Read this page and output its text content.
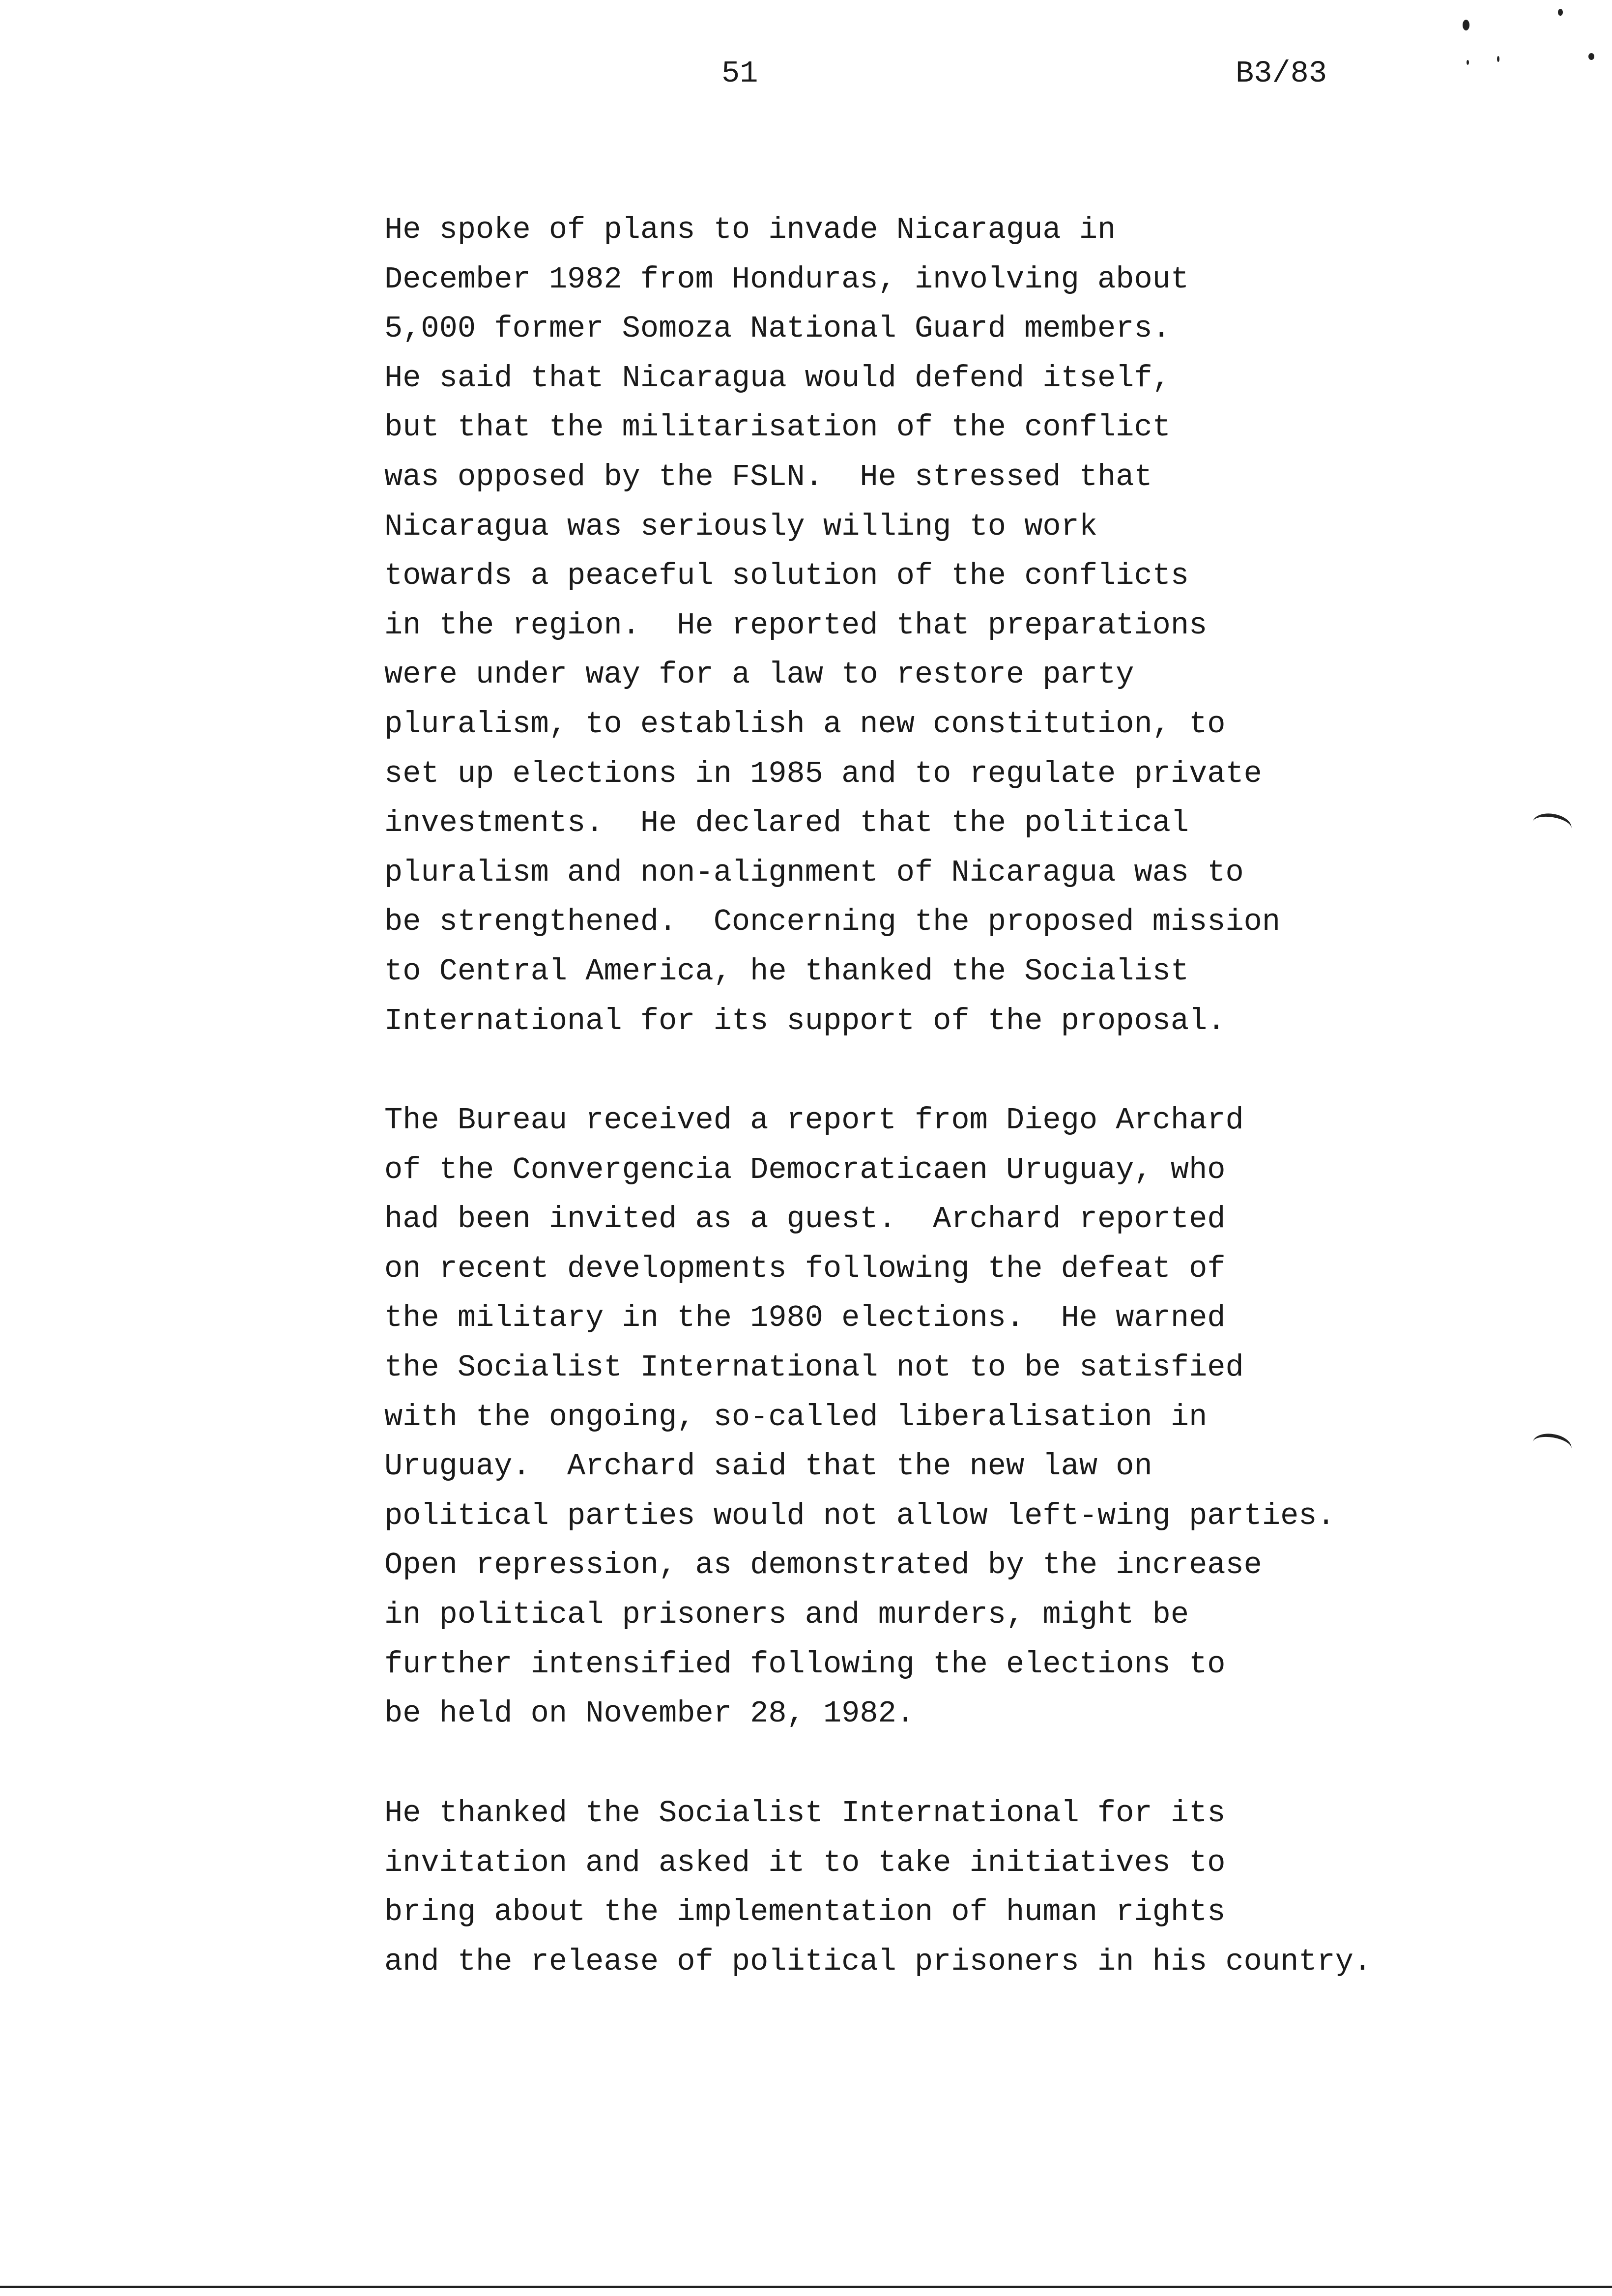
51	B3/83
He spoke of plans to invade Nicaragua in
December 1982 from Honduras, involving about
5,000 former Somoza National Guard members.
He said that Nicaragua would defend itself,
but that the militarisation of the conflict
was opposed by the FSLN.  He stressed that
Nicaragua was seriously willing to work
towards a peaceful solution of the conflicts
in the region.  He reported that preparations
were under way for a law to restore party
pluralism, to establish a new constitution, to
set up elections in 1985 and to regulate private
investments.  He declared that the political
pluralism and non-alignment of Nicaragua was to
be strengthened.  Concerning the proposed mission
to Central America, he thanked the Socialist
International for its support of the proposal.
The Bureau received a report from Diego Archard
of the Convergencia Democraticaen Uruguay, who
had been invited as a guest.  Archard reported
on recent developments following the defeat of
the military in the 1980 elections.  He warned
the Socialist International not to be satisfied
with the ongoing, so-called liberalisation in
Uruguay.  Archard said that the new law on
political parties would not allow left-wing parties.
Open repression, as demonstrated by the increase
in political prisoners and murders, might be
further intensified following the elections to
be held on November 28, 1982.
He thanked the Socialist International for its
invitation and asked it to take initiatives to
bring about the implementation of human rights
and the release of political prisoners in his country.
